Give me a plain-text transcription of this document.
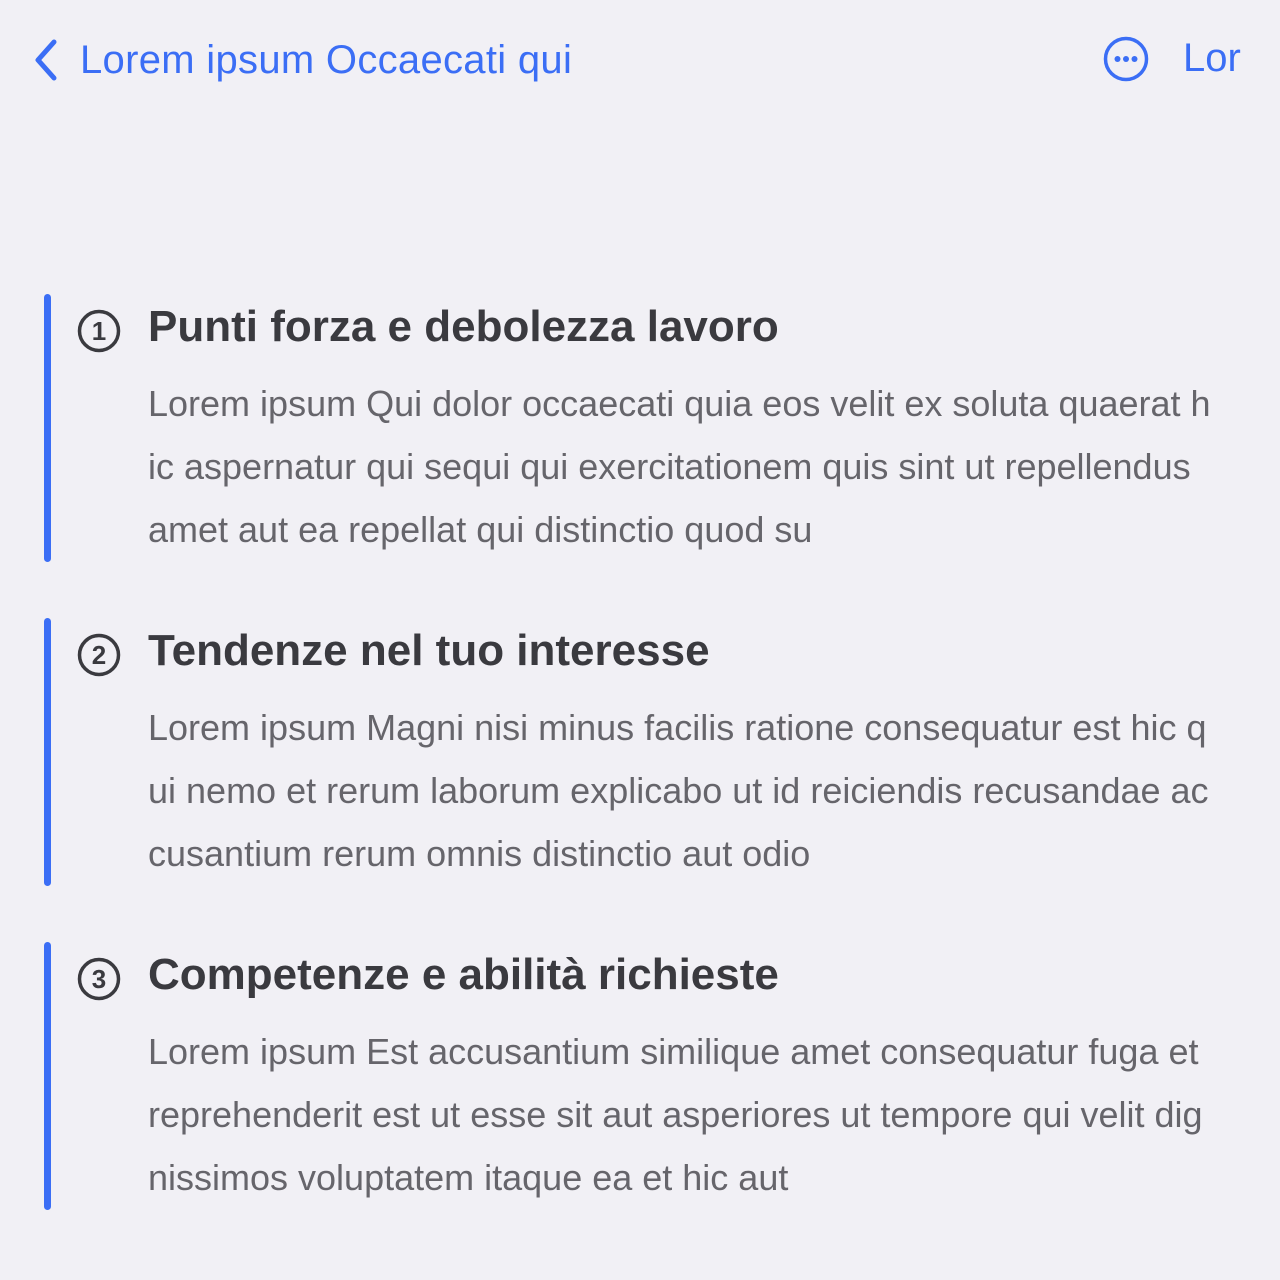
Lorem ipsum Occaecati qui	Lor
1 Punti forza e debolezza lavoro
Lorem ipsum Qui dolor occaecati quia eos velit ex soluta quaerat hic aspernatur qui sequi qui exercitationem quis sint ut repellendus amet aut ea repellat qui distinctio quod su
2 Tendenze nel tuo interesse
Lorem ipsum Magni nisi minus facilis ratione consequatur est hic qui nemo et rerum laborum explicabo ut id reiciendis recusandae accusantium rerum omnis distinctio aut odio
3 Competenze e abilità richieste
Lorem ipsum Est accusantium similique amet consequatur fuga et reprehenderit est ut esse sit aut asperiores ut tempore qui velit dignissimos voluptatem itaque ea et hic aut
